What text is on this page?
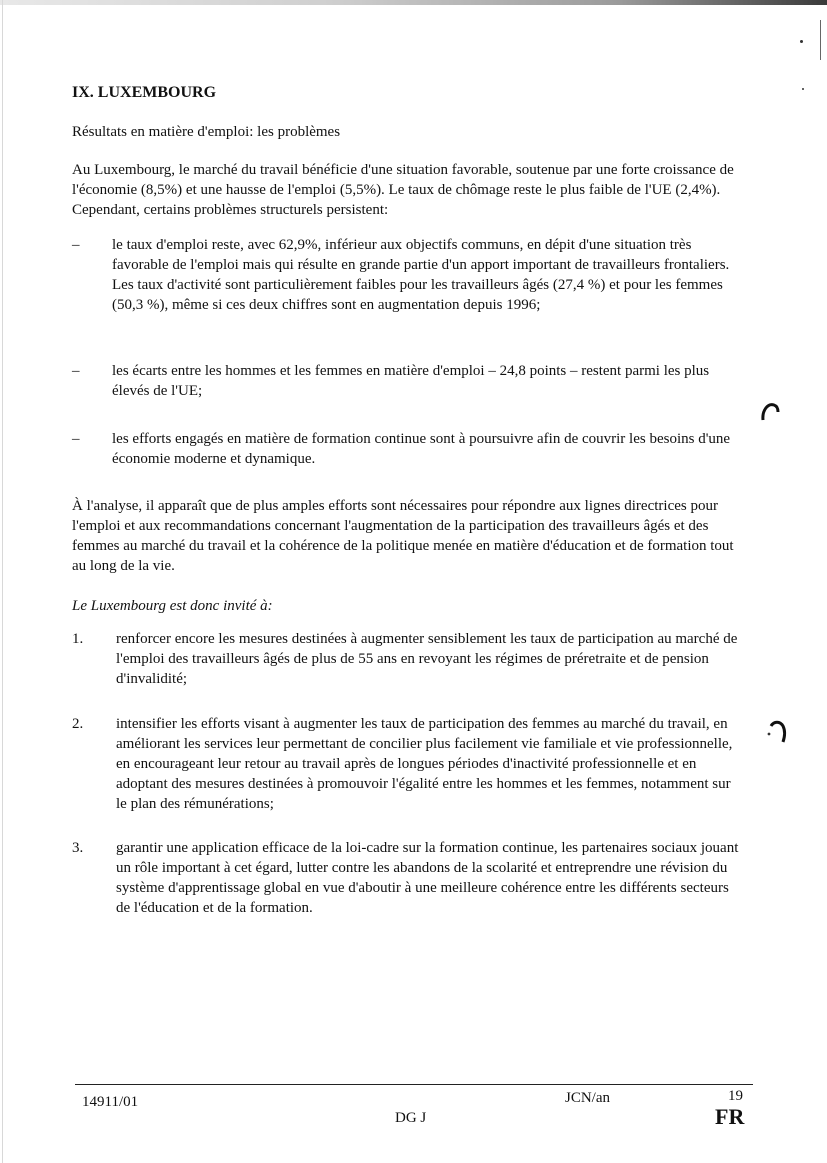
IX. LUXEMBOURG
Résultats en matière d'emploi: les problèmes

Au Luxembourg, le marché du travail bénéficie d'une situation favorable, soutenue par une forte croissance de l'économie (8,5%) et une hausse de l'emploi (5,5%). Le taux de chômage reste le plus faible de l'UE (2,4%). Cependant, certains problèmes structurels persistent:

– le taux d'emploi reste, avec 62,9%, inférieur aux objectifs communs, en dépit d'une situation très favorable de l'emploi mais qui résulte en grande partie d'un apport important de travailleurs frontaliers. Les taux d'activité sont particulièrement faibles pour les travailleurs âgés (27,4 %) et pour les femmes (50,3 %), même si ces deux chiffres sont en augmentation depuis 1996;
– les écarts entre les hommes et les femmes en matière d'emploi – 24,8 points – restent parmi les plus élevés de l'UE;
– les efforts engagés en matière de formation continue sont à poursuivre afin de couvrir les besoins d'une économie moderne et dynamique.

À l'analyse, il apparaît que de plus amples efforts sont nécessaires pour répondre aux lignes directrices pour l'emploi et aux recommandations concernant l'augmentation de la participation des travailleurs âgés et des femmes au marché du travail et la cohérence de la politique menée en matière d'éducation et de formation tout au long de la vie.

Le Luxembourg est donc invité à:
1. renforcer encore les mesures destinées à augmenter sensiblement les taux de participation au marché de l'emploi des travailleurs âgés de plus de 55 ans en revoyant les régimes de préretraite et de pension d'invalidité;
2. intensifier les efforts visant à augmenter les taux de participation des femmes au marché du travail, en améliorant les services leur permettant de concilier plus facilement vie familiale et vie professionnelle, en encourageant leur retour au travail après de longues périodes d'inactivité professionnelle et en adoptant des mesures destinées à promouvoir l'égalité entre les hommes et les femmes, notamment sur le plan des rémunérations;
3. garantir une application efficace de la loi-cadre sur la formation continue, les partenaires sociaux jouant un rôle important à cet égard, lutter contre les abandons de la scolarité et entreprendre une révision du système d'apprentissage global en vue d'aboutir à une meilleure cohérence entre les différents secteurs de l'éducation et de la formation.
14911/01
DG J
JCN/an	19
FR
